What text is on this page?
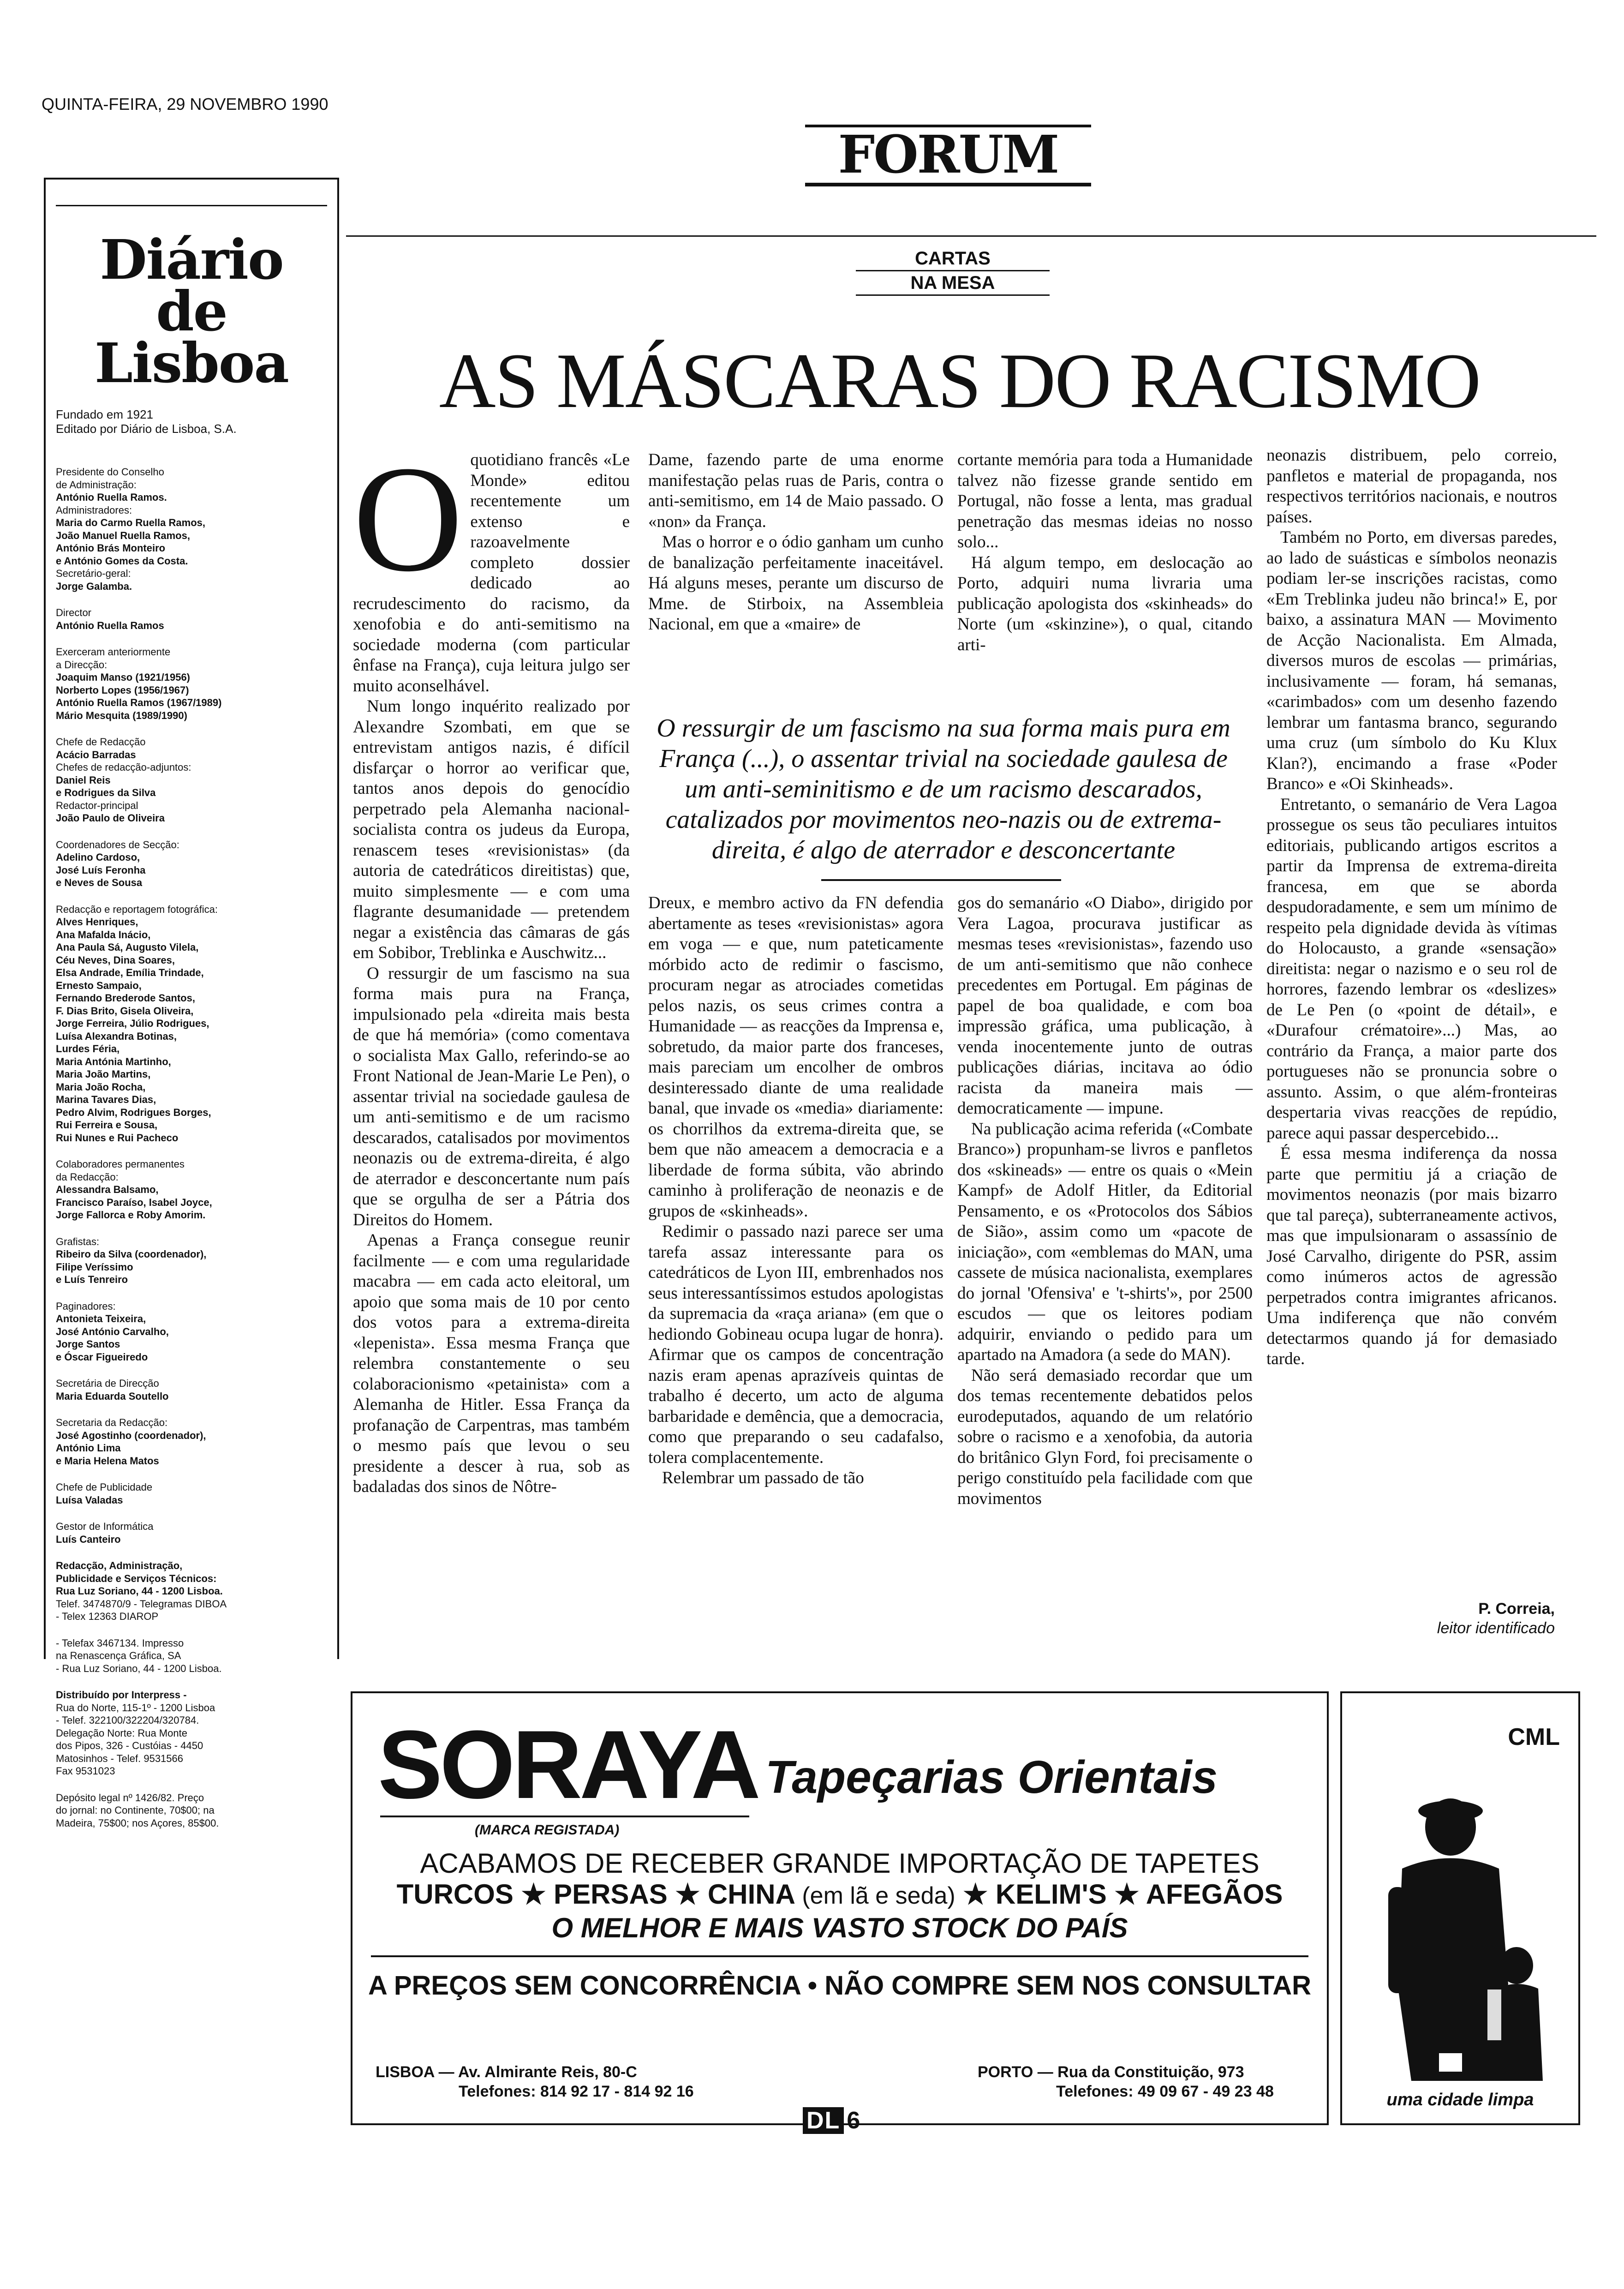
QUINTA-FEIRA, 29 NOVEMBRO 1990
Diário
de Lisboa
Fundado em 1921
Editado por Diário de Lisboa, S.A.
Presidente do Conselho
de Administração:
António Ruella Ramos.
Administradores:
Maria do Carmo Ruella Ramos,
João Manuel Ruella Ramos,
António Brás Monteiro
e António Gomes da Costa.
Secretário-geral:
Jorge Galamba.
Director
António Ruella Ramos
Exerceram anteriormente
a Direcção:
Joaquim Manso (1921/1956)
Norberto Lopes (1956/1967)
António Ruella Ramos (1967/1989)
Mário Mesquita (1989/1990)
Chefe de Redacção
Acácio Barradas
Chefes de redacção-adjuntos:
Daniel Reis
e Rodrigues da Silva
Redactor-principal
João Paulo de Oliveira
Coordenadores de Secção:
Adelino Cardoso,
José Luís Feronha
e Neves de Sousa
Redacção e reportagem fotográfica:
Alves Henriques,
Ana Mafalda Inácio,
Ana Paula Sá, Augusto Vilela,
Céu Neves, Dina Soares,
Elsa Andrade, Emília Trindade,
Ernesto Sampaio,
Fernando Brederode Santos,
F. Dias Brito, Gisela Oliveira,
Jorge Ferreira, Júlio Rodrigues,
Luísa Alexandra Botinas,
Lurdes Féria,
Maria Antónia Martinho,
Maria João Martins,
Maria João Rocha,
Marina Tavares Dias,
Pedro Alvim, Rodrigues Borges,
Rui Ferreira e Sousa,
Rui Nunes e Rui Pacheco
Colaboradores permanentes
da Redacção:
Alessandra Balsamo,
Francisco Paraíso, Isabel Joyce,
Jorge Fallorca e Roby Amorim.
Grafistas:
Ribeiro da Silva (coordenador),
Filipe Veríssimo
e Luís Tenreiro
Paginadores:
Antonieta Teixeira,
José António Carvalho,
Jorge Santos
e Óscar Figueiredo
Secretária de Direcção
Maria Eduarda Soutello
Secretaria da Redacção:
José Agostinho (coordenador),
António Lima
e Maria Helena Matos
Chefe de Publicidade
Luísa Valadas
Gestor de Informática
Luís Canteiro
Redacção, Administração,
Publicidade e Serviços Técnicos:
Rua Luz Soriano, 44 - 1200 Lisboa.
Telef. 3474870/9 - Telegramas DIBOA
- Telex 12363 DIAROP
- Telefax 3467134. Impresso
na Renascença Gráfica, SA
- Rua Luz Soriano, 44 - 1200 Lisboa.
Distribuído por Interpress -
Rua do Norte, 115-1º - 1200 Lisboa
- Telef. 322100/322204/320784.
Delegação Norte: Rua Monte
dos Pipos, 326 - Custóias - 4450
Matosinhos - Telef. 9531566
Fax 9531023
Depósito legal nº 1426/82. Preço
do jornal: no Continente, 70$00; na
Madeira, 75$00; nos Açores, 85$00.
FORUM
CARTAS
NA MESA
AS MÁSCARAS DO RACISMO
O quotidiano francês «Le Monde» editou recentemente um extenso e razoavelmente completo dossier dedicado ao recrudescimento do racismo, da xenofobia e do anti-semitismo na sociedade moderna (com particular ênfase na França), cuja leitura julgo ser muito aconselhável.

Num longo inquérito realizado por Alexandre Szombati, em que se entrevistam antigos nazis, é difícil disfarçar o horror ao verificar que, tantos anos depois do genocídio perpetrado pela Alemanha nacional-socialista contra os judeus da Europa, renascem teses «revisionistas» (da autoria de catedráticos direitistas) que, muito simplesmente — e com uma flagrante desumanidade — pretendem negar a existência das câmaras de gás em Sobibor, Treblinka e Auschwitz...

O ressurgir de um fascismo na sua forma mais pura na França, impulsionado pela «direita mais besta de que há memória» (como comentava o socialista Max Gallo, referindo-se ao Front National de Jean-Marie Le Pen), o assentar trivial na sociedade gaulesa de um anti-semitismo e de um racismo descarados, catalisados por movimentos neonazis ou de extrema-direita, é algo de aterrador e desconcertante num país que se orgulha de ser a Pátria dos Direitos do Homem.

Apenas a França consegue reunir facilmente — e com uma regularidade macabra — em cada acto eleitoral, um apoio que soma mais de 10 por cento dos votos para a extrema-direita «lepenista». Essa mesma França que relembra constantemente o seu colaboracionismo «petainista» com a Alemanha de Hitler. Essa França da profanação de Carpentras, mas também o mesmo país que levou o seu presidente a descer à rua, sob as badaladas dos sinos de Nôtre-

Dame, fazendo parte de uma enorme manifestação pelas ruas de Paris, contra o anti-semitismo, em 14 de Maio passado. O «non» da França.

Mas o horror e o ódio ganham um cunho de banalização perfeitamente inaceitável. Há alguns meses, perante um discurso de Mme. de Stirboix, na Assembleia Nacional, em que a «maire» de

cortante memória para toda a Humanidade talvez não fizesse grande sentido em Portugal, não fosse a lenta, mas gradual penetração das mesmas ideias no nosso solo...

Há algum tempo, em deslocação ao Porto, adquiri numa livraria uma publicação apologista dos «skinheads» do Norte (um «skinzine»), o qual, citando arti-

O ressurgir de um fascismo na sua forma mais pura em França (...), o assentar trivial na sociedade gaulesa de um anti-seminitismo e de um racismo descarados, catalizados por movimentos neo-nazis ou de extrema-direita, é algo de aterrador e desconcertante

Dreux, e membro activo da FN defendia abertamente as teses «revisionistas» agora em voga — e que, num pateticamente mórbido acto de redimir o fascismo, procuram negar as atrociades cometidas pelos nazis, os seus crimes contra a Humanidade — as reacções da Imprensa e, sobretudo, da maior parte dos franceses, mais pareciam um encolher de ombros desinteressado diante de uma realidade banal, que invade os «media» diariamente: os chorrilhos da extrema-direita que, se bem que não ameacem a democracia e a liberdade de forma súbita, vão abrindo caminho à proliferação de neonazis e de grupos de «skinheads».

Redimir o passado nazi parece ser uma tarefa assaz interessante para os catedráticos de Lyon III, embrenhados nos seus interessantíssimos estudos apologistas da supremacia da «raça ariana» (em que o hediondo Gobineau ocupa lugar de honra). Afirmar que os campos de concentração nazis eram apenas aprazíveis quintas de trabalho é decerto, um acto de alguma barbaridade e demência, que a democracia, como que preparando o seu cadafalso, tolera complacentemente.

Relembrar um passado de tão

gos do semanário «O Diabo», dirigido por Vera Lagoa, procurava justificar as mesmas teses «revisionistas», fazendo uso de um anti-semitismo que não conhece precedentes em Portugal. Em páginas de papel de boa qualidade, e com boa impressão gráfica, uma publicação, à venda inocentemente junto de outras publicações diárias, incitava ao ódio racista da maneira mais — democraticamente — impune.

Na publicação acima referida («Combate Branco») propunham-se livros e panfletos dos «skineads» — entre os quais o «Mein Kampf» de Adolf Hitler, da Editorial Pensamento, e os «Protocolos dos Sábios de Sião», assim como um «pacote de iniciação», com «emblemas do MAN, uma cassete de música nacionalista, exemplares do jornal 'Ofensiva' e 't-shirts'», por 2500 escudos — que os leitores podiam adquirir, enviando o pedido para um apartado na Amadora (a sede do MAN).

Não será demasiado recordar que um dos temas recentemente debatidos pelos eurodeputados, aquando de um relatório sobre o racismo e a xenofobia, da autoria do britânico Glyn Ford, foi precisamente o perigo constituído pela facilidade com que movimentos

neonazis distribuem, pelo correio, panfletos e material de propaganda, nos respectivos territórios nacionais, e noutros países.

Também no Porto, em diversas paredes, ao lado de suásticas e símbolos neonazis podiam ler-se inscrições racistas, como «Em Treblinka judeu não brinca!» E, por baixo, a assinatura MAN — Movimento de Acção Nacionalista. Em Almada, diversos muros de escolas — primárias, inclusivamente — foram, há semanas, «carimbados» com um desenho fazendo lembrar um fantasma branco, segurando uma cruz (um símbolo do Ku Klux Klan?), encimando a frase «Poder Branco» e «Oi Skinheads».

Entretanto, o semanário de Vera Lagoa prossegue os seus tão peculiares intuitos editoriais, publicando artigos escritos a partir da Imprensa de extrema-direita francesa, em que se aborda despudoradamente, e sem um mínimo de respeito pela dignidade devida às vítimas do Holocausto, a grande «sensação» direitista: negar o nazismo e o seu rol de horrores, fazendo lembrar os «deslizes» de Le Pen (o «point de détail», e «Durafour crématoire»...) Mas, ao contrário da França, a maior parte dos portugueses não se pronuncia sobre o assunto. Assim, o que além-fronteiras despertaria vivas reacções de repúdio, parece aqui passar despercebido...

É essa mesma indiferença da nossa parte que permitiu já a criação de movimentos neonazis (por mais bizarro que tal pareça), subterraneamente activos, mas que impulsionaram o assassínio de José Carvalho, dirigente do PSR, assim como inúmeros actos de agressão perpetrados contra imigrantes africanos. Uma indiferença que não convém detectarmos quando já for demasiado tarde.

P. Correia,
leitor identificado
SORAYA Tapeçarias Orientais
(MARCA REGISTADA)
ACABAMOS DE RECEBER GRANDE IMPORTAÇÃO DE TAPETES
TURCOS ★ PERSAS ★ CHINA (em lã e seda) ★ KELIM'S ★ AFEGÃOS
O MELHOR E MAIS VASTO STOCK DO PAÍS
A PREÇOS SEM CONCORRÊNCIA • NÃO COMPRE SEM NOS CONSULTAR
LISBOA — Av. Almirante Reis, 80-C
Telefones: 814 92 17 - 814 92 16
PORTO — Rua da Constituição, 973
Telefones: 49 09 67 - 49 23 48
CML
uma cidade limpa
DL 6
